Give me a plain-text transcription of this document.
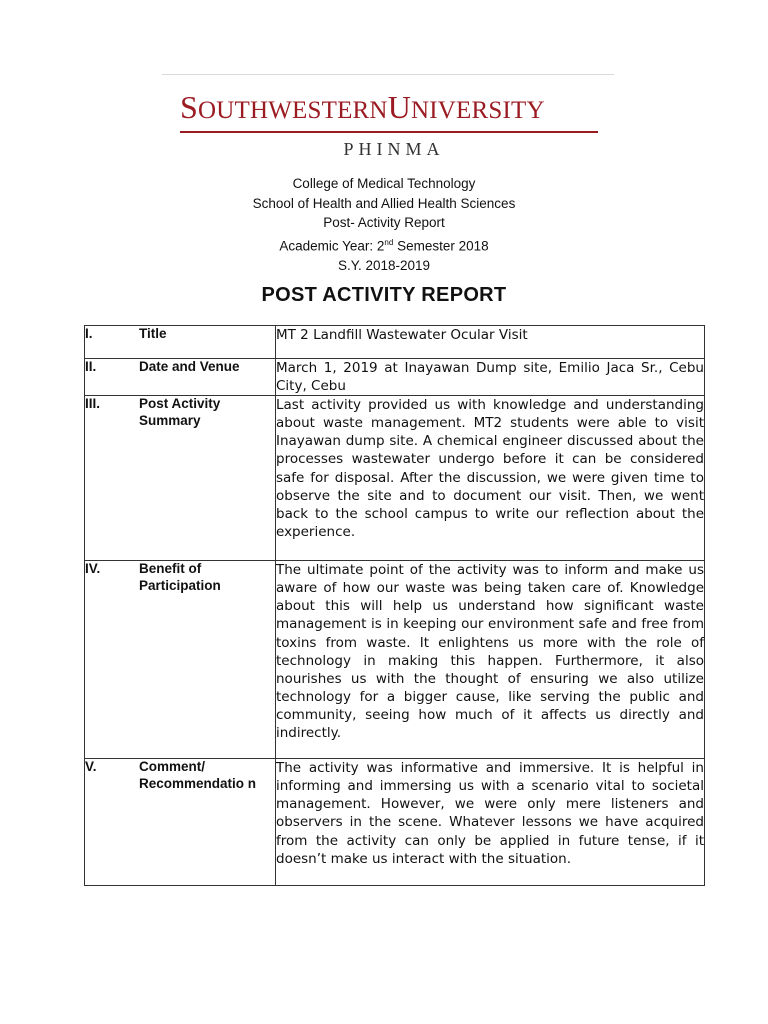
SOUTHWESTERNUNIVERSITY
PHINMA
College of Medical Technology
School of Health and Allied Health Sciences
Post- Activity Report
Academic Year: 2nd Semester 2018
S.Y. 2018-2019
POST ACTIVITY REPORT
I.	Title	MT 2 Landfill Wastewater Ocular Visit

II.	Date and Venue	March 1, 2019 at Inayawan Dump site, Emilio Jaca Sr., Cebu City, Cebu

III.	Post Activity Summary	Last activity provided us with knowledge and understanding about waste management. MT2 students were able to visit Inayawan dump site. A chemical engineer discussed about the processes wastewater undergo before it can be considered safe for disposal. After the discussion, we were given time to observe the site and to document our visit. Then, we went back to the school campus to write our reflection about the experience.

IV.	Benefit of Participation	The ultimate point of the activity was to inform and make us aware of how our waste was being taken care of. Knowledge about this will help us understand how significant waste management is in keeping our environment safe and free from toxins from waste. It enlightens us more with the role of technology in making this happen. Furthermore, it also nourishes us with the thought of ensuring we also utilize technology for a bigger cause, like serving the public and community, seeing how much of it affects us directly and indirectly.

V.	Comment/ Recommendatio n	The activity was informative and immersive. It is helpful in informing and immersing us with a scenario vital to societal management. However, we were only mere listeners and observers in the scene. Whatever lessons we have acquired from the activity can only be applied in future tense, if it doesn’t make us interact with the situation.
